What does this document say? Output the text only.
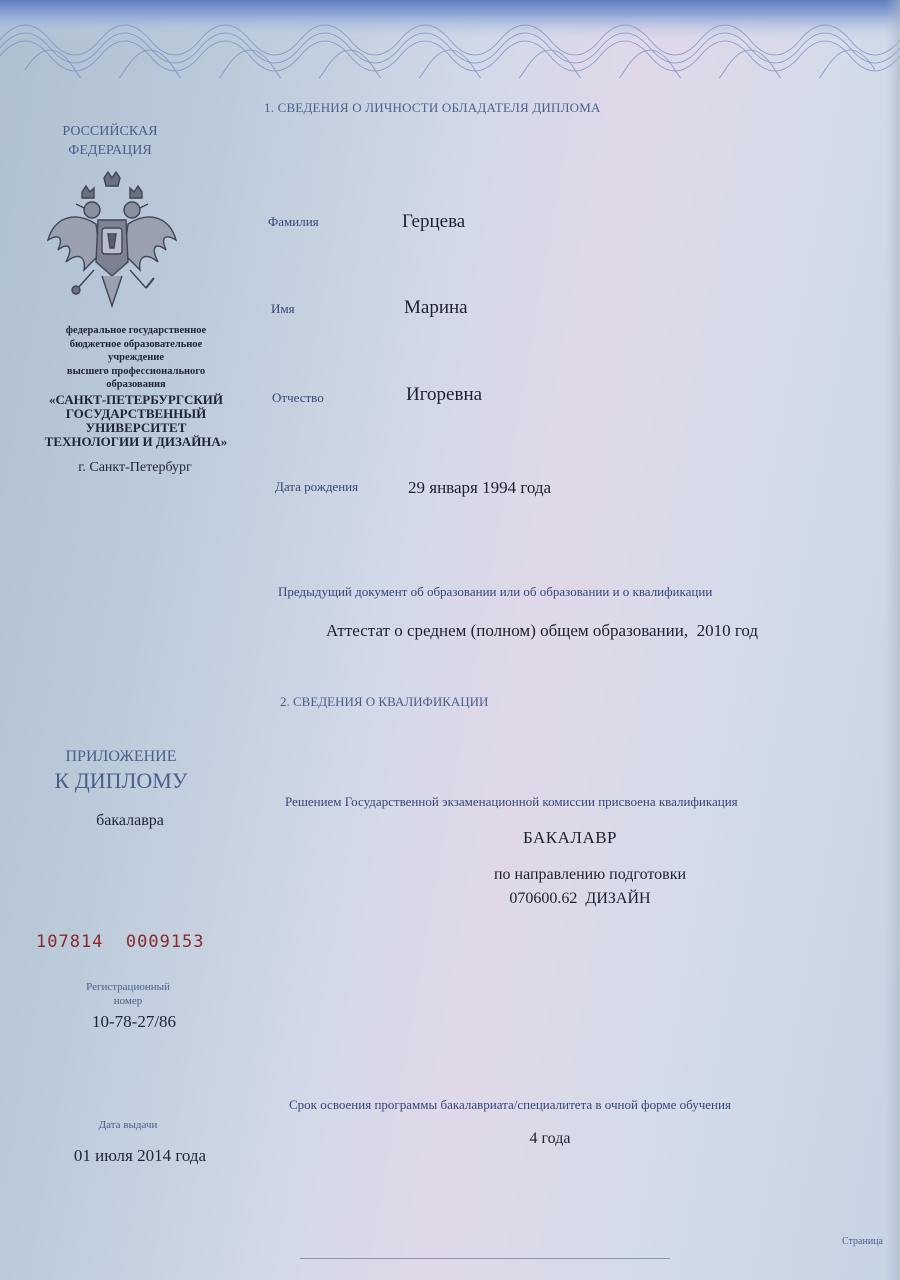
РОССИЙСКАЯ
ФЕДЕРАЦИЯ
федеральное государственное
бюджетное образовательное
учреждение
высшего профессионального
образования
«САНКТ-ПЕТЕРБУРГСКИЙ
ГОСУДАРСТВЕННЫЙ
УНИВЕРСИТЕТ
ТЕХНОЛОГИИ И ДИЗАЙНА»
г. Санкт-Петербург
ПРИЛОЖЕНИЕ
К ДИПЛОМУ
бакалавра
107814  0009153
Регистрационный
номер
10-78-27/86
Дата выдачи
01 июля 2014 года
1. СВЕДЕНИЯ О ЛИЧНОСТИ ОБЛАДАТЕЛЯ ДИПЛОМА
Фамилия	Герцева
Имя	Марина
Отчество	Игоревна
Дата рождения	29 января 1994 года
Предыдущий документ об образовании или об образовании и о квалификации
Аттестат о среднем (полном) общем образовании,  2010 год
2. СВЕДЕНИЯ О КВАЛИФИКАЦИИ
Решением Государственной экзаменационной комиссии присвоена квалификация
БАКАЛАВР
по направлению подготовки
070600.62  ДИЗАЙН
Срок освоения программы бакалавриата/специалитета в очной форме обучения
4 года
Страница
